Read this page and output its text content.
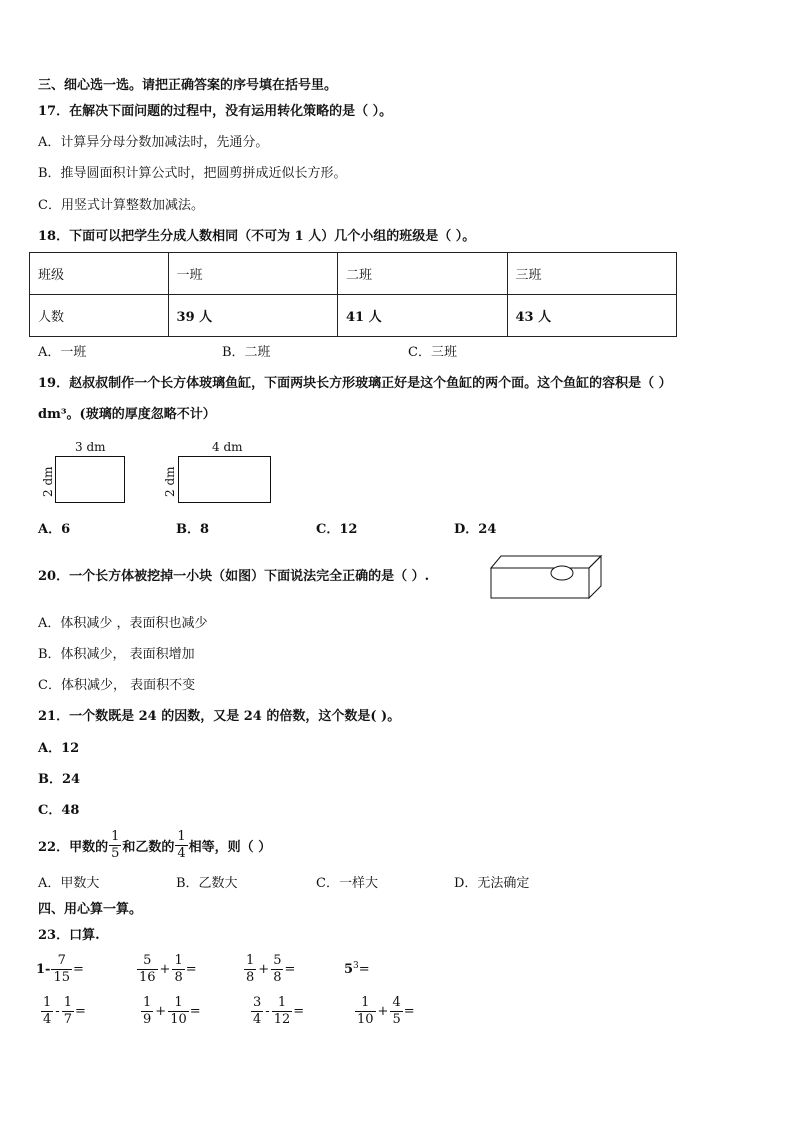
三、细心选一选。请把正确答案的序号填在括号里。
17．在解决下面问题的过程中，没有运用转化策略的是（ ）。
A．计算异分母分数加减法时，先通分。
B．推导圆面积计算公式时，把圆剪拼成近似长方形。
C．用竖式计算整数加减法。
18．下面可以把学生分成人数相同（不可为 1 人）几个小组的班级是（ ）。
班级	一班	二班	三班
人数	39 人	41 人	43 人
A．一班	B．二班	C．三班
19．赵叔叔制作一个长方体玻璃鱼缸，下面两块长方形玻璃正好是这个鱼缸的两个面。这个鱼缸的容积是（ ）
dm³。(玻璃的厚度忽略不计）
3 dm
2 dm
4 dm
2 dm
A．6	B．8	C．12	D．24
20．一个长方体被挖掉一小块（如图）下面说法完全正确的是（ ）.
A．体积减少 ，表面积也减少
B．体积减少， 表面积增加
C．体积减少， 表面积不变
21．一个数既是 24 的因数，又是 24 的倍数，这个数是( )。
A．12
B．24
C．48
22．甲数的 $\frac{1}{5}$ 和乙数的 $\frac{1}{4}$ 相等，则（ ）
A．甲数大	B．乙数大	C．一样大	D．无法确定
四、用心算一算。
23．口算.
$1- \frac{7}{15}$ =	$\frac{5}{16} + \frac{1}{8}$ =	$\frac{1}{8} + \frac{5}{8}$ =	$5^3$ =
$\frac{1}{4} - \frac{1}{7}$ =	$\frac{1}{9} + \frac{1}{10}$ =	$\frac{3}{4} - \frac{1}{12}$ =	$\frac{1}{10} + \frac{4}{5}$ =
